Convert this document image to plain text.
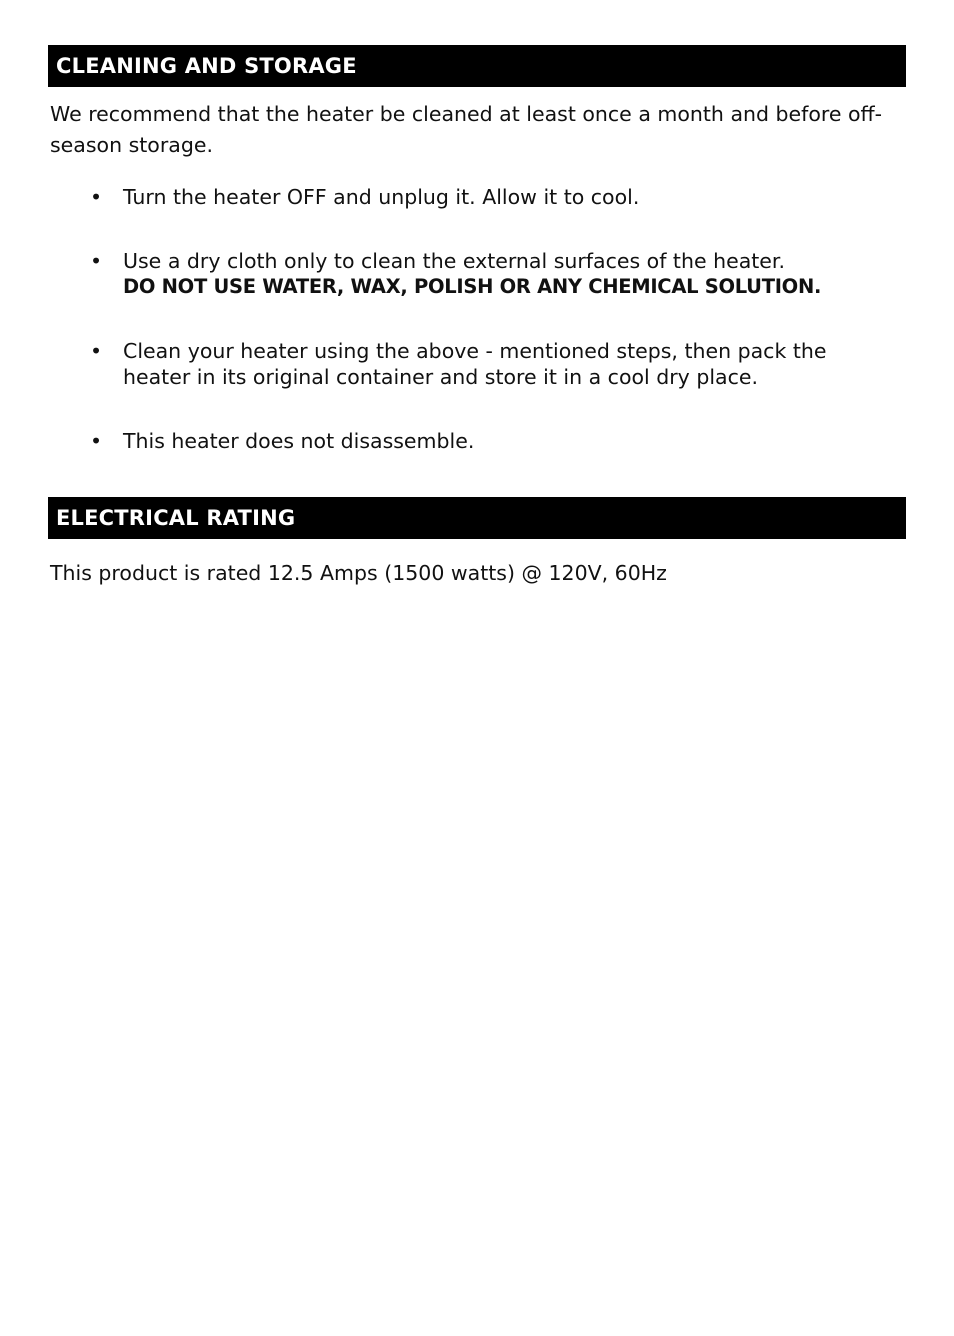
CLEANING AND STORAGE
We recommend that the heater be cleaned at least once a month and before off-season storage.
• Turn the heater OFF and unplug it. Allow it to cool.
• Use a dry cloth only to clean the external surfaces of the heater.
DO NOT USE WATER, WAX, POLISH OR ANY CHEMICAL SOLUTION.
• Clean your heater using the above - mentioned steps, then pack the heater in its original container and store it in a cool dry place.
• This heater does not disassemble.
ELECTRICAL RATING
This product is rated 12.5 Amps (1500 watts) @ 120V, 60Hz
